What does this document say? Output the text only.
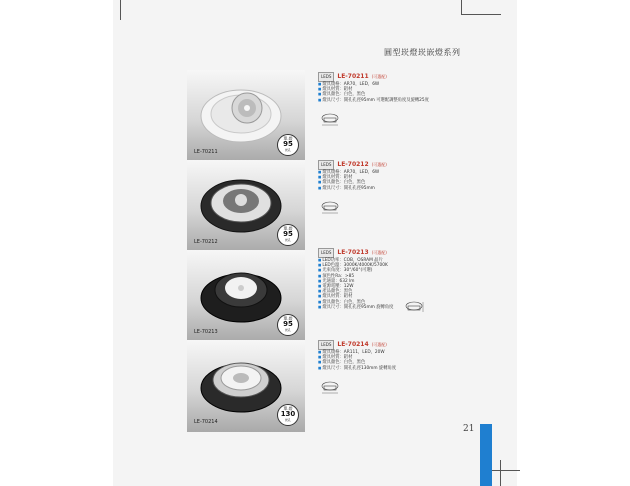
圓型崁燈崁嵌燈系列
LE-70211
單.燈
95
崁孔
LEDS LE-70211 (可選配)
■ 燈具規格：AR70，LED，6W
■ 燈具材質：鋁材
■ 燈具顏色：白色，黑色
■ 燈具尺寸：開孔孔徑95mm 可選配調整角度及旋轉25度
LE-70212
單.燈
95
崁孔
LEDS LE-70212 (可選配)
■ 燈具規格：AR70，LED，6W
■ 燈具材質：鋁材
■ 燈具顏色：白色，黑色
■ 燈具尺寸：開孔孔徑95mm
LE-70213
單.燈
95
崁孔
LEDS LE-70213 (可選配)
■ LED功率：COB，OSRAM 晶片
■ LED色溫：3000K/4000K/5700K
■ 光束角度：30°/60°(可選)
■ 演色性Ra：>85
■ 光通量：632 lm
■ 電源電壓：12W
■ 產品顏色：黑色
■ 燈具材質：鋁材
■ 燈具顏色：白色，黑色
■ 燈具尺寸：開孔孔徑95mm 旋轉角度
LE-70214
單.燈
130
崁孔
LEDS LE-70214 (可選配)
■ 燈具規格：AR111，LED，20W
■ 燈具材質：鋁材
■ 燈具顏色：白色，黑色
■ 燈具尺寸：開孔孔徑130mm 旋轉角度
21
